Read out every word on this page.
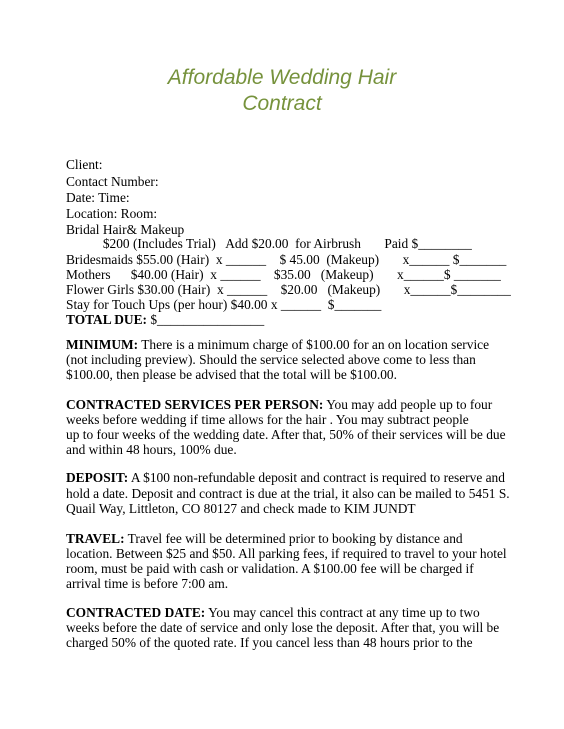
Affordable Wedding Hair
Contract

Client:

Contact Number:

Date: Time:

Location: Room:

Bridal Hair& Makeup

$200 (Includes Trial)   Add $20.00  for Airbrush       Paid $________

Bridesmaids $55.00 (Hair)  x ______    $ 45.00  (Makeup)       x______ $_______

Mothers      $40.00 (Hair)  x ______    $35.00   (Makeup)       x______$ _______

Flower Girls $30.00 (Hair)  x ______    $20.00   (Makeup)       x______$________

Stay for Touch Ups (per hour) $40.00 x ______  $_______

TOTAL DUE: $________________

MINIMUM: There is a minimum charge of $100.00 for an on location service

(not including preview). Should the service selected above come to less than

$100.00, then please be advised that the total will be $100.00.

CONTRACTED SERVICES PER PERSON: You may add people up to four

weeks before wedding if time allows for the hair . You may subtract people

up to four weeks of the wedding date. After that, 50% of their services will be due

and within 48 hours, 100% due.

DEPOSIT: A $100 non-refundable deposit and contract is required to reserve and

hold a date. Deposit and contract is due at the trial, it also can be mailed to 5451 S.

Quail Way, Littleton, CO 80127 and check made to KIM JUNDT

TRAVEL: Travel fee will be determined prior to booking by distance and

location. Between $25 and $50. All parking fees, if required to travel to your hotel

room, must be paid with cash or validation. A $100.00 fee will be charged if

arrival time is before 7:00 am.

CONTRACTED DATE: You may cancel this contract at any time up to two

weeks before the date of service and only lose the deposit. After that, you will be

charged 50% of the quoted rate. If you cancel less than 48 hours prior to the
